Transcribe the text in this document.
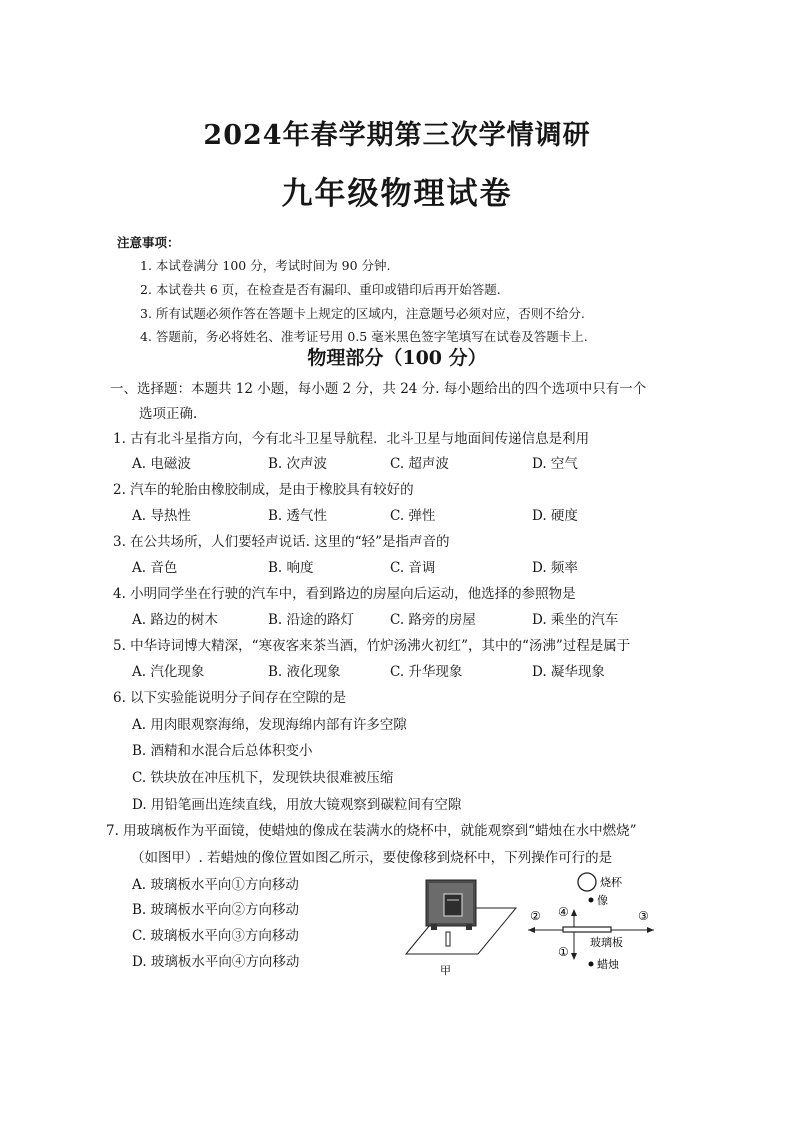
2024年春学期第三次学情调研
九年级物理试卷
注意事项：
1. 本试卷满分 100 分，考试时间为 90 分钟.
2. 本试卷共 6 页，在检查是否有漏印、重印或错印后再开始答题.
3. 所有试题必须作答在答题卡上规定的区域内，注意题号必须对应，否则不给分.
4. 答题前，务必将姓名、准考证号用 0.5 毫米黑色签字笔填写在试卷及答题卡上.
物理部分（100 分）
一、选择题：本题共 12 小题，每小题 2 分，共 24 分. 每小题给出的四个选项中只有一个
选项正确.
1. 古有北斗星指方向，今有北斗卫星导航程．北斗卫星与地面间传递信息是利用
A. 电磁波	B. 次声波	C. 超声波	D. 空气
2. 汽车的轮胎由橡胶制成，是由于橡胶具有较好的
A. 导热性	B. 透气性	C. 弹性	D. 硬度
3. 在公共场所，人们要轻声说话. 这里的“轻”是指声音的
A. 音色	B. 响度	C. 音调	D. 频率
4. 小明同学坐在行驶的汽车中，看到路边的房屋向后运动，他选择的参照物是
A. 路边的树木	B. 沿途的路灯	C. 路旁的房屋	D. 乘坐的汽车
5. 中华诗词博大精深，“寒夜客来茶当酒，竹炉汤沸火初红”，其中的“汤沸”过程是属于
A. 汽化现象	B. 液化现象	C. 升华现象	D. 凝华现象
6. 以下实验能说明分子间存在空隙的是
A. 用肉眼观察海绵，发现海绵内部有许多空隙
B. 酒精和水混合后总体积变小
C. 铁块放在冲压机下，发现铁块很难被压缩
D. 用铅笔画出连续直线，用放大镜观察到碳粒间有空隙
7. 用玻璃板作为平面镜，使蜡烛的像成在装满水的烧杯中，就能观察到“蜡烛在水中燃烧”
（如图甲）. 若蜡烛的像位置如图乙所示，要使像移到烧杯中，下列操作可行的是
A. 玻璃板水平向①方向移动
B. 玻璃板水平向②方向移动
C. 玻璃板水平向③方向移动
D. 玻璃板水平向④方向移动
甲
烧杯
像
② ④	③
①
玻璃板
蜡烛
